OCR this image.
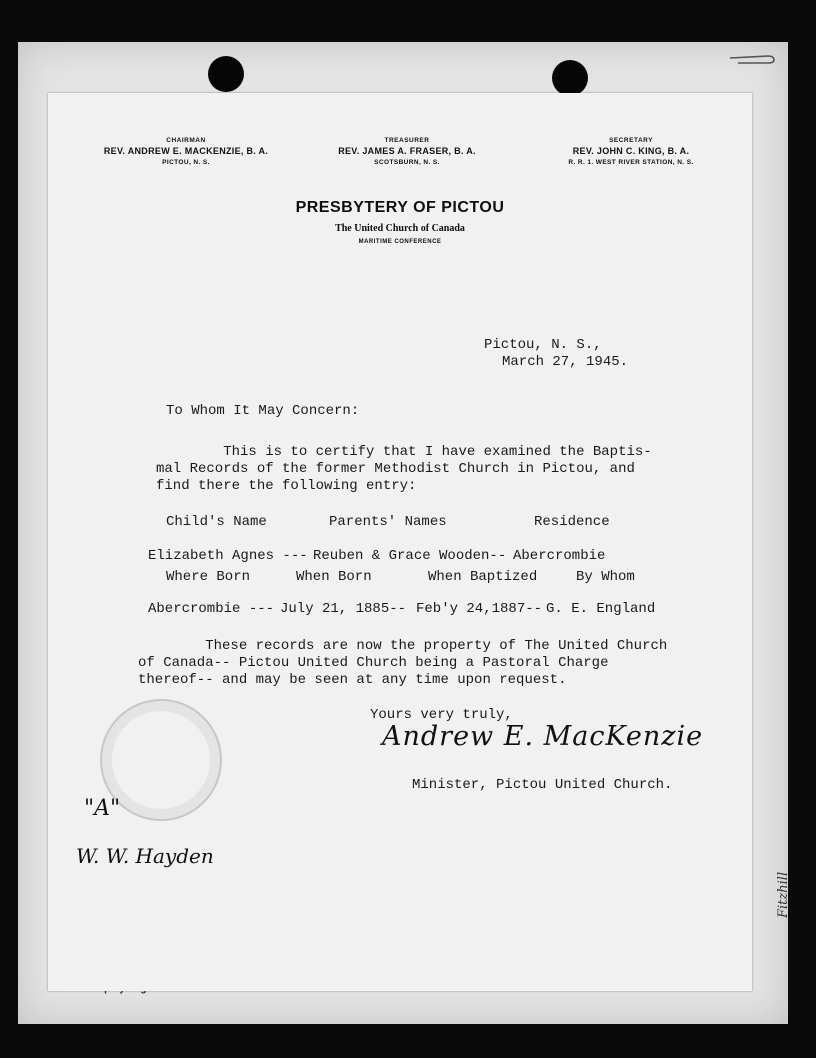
Fitzhill
CHAIRMAN
REV. ANDREW E. MACKENZIE, B. A.
PICTOU, N. S.
TREASURER
REV. JAMES A. FRASER, B. A.
SCOTSBURN, N. S.
SECRETARY
REV. JOHN C. KING, B. A.
R. R. 1. WEST RIVER STATION, N. S.
PRESBYTERY OF PICTOU
The United Church of Canada
MARITIME CONFERENCE
Pictou, N. S.,
March 27, 1945.
To Whom It May Concern:
This is to certify that I have examined the Baptis-
mal Records of the former Methodist Church in Pictou, and
find there the following entry:
Child's Name	Parents' Names	Residence
Elizabeth Agnes --- Reuben & Grace Wooden-- Abercrombie
Where Born	When Born	When Baptized	By Whom
Abercrombie --- July 21, 1885-- Feb'y 24,1887-- G. E. England
These records are now the property of The United Church
of Canada-- Pictou United Church being a Pastoral Charge
thereof-- and may be seen at any time upon request.
Yours very truly,
Andrew E. MacKenzie
Minister, Pictou United Church.
"A"
W. W. Hayden
